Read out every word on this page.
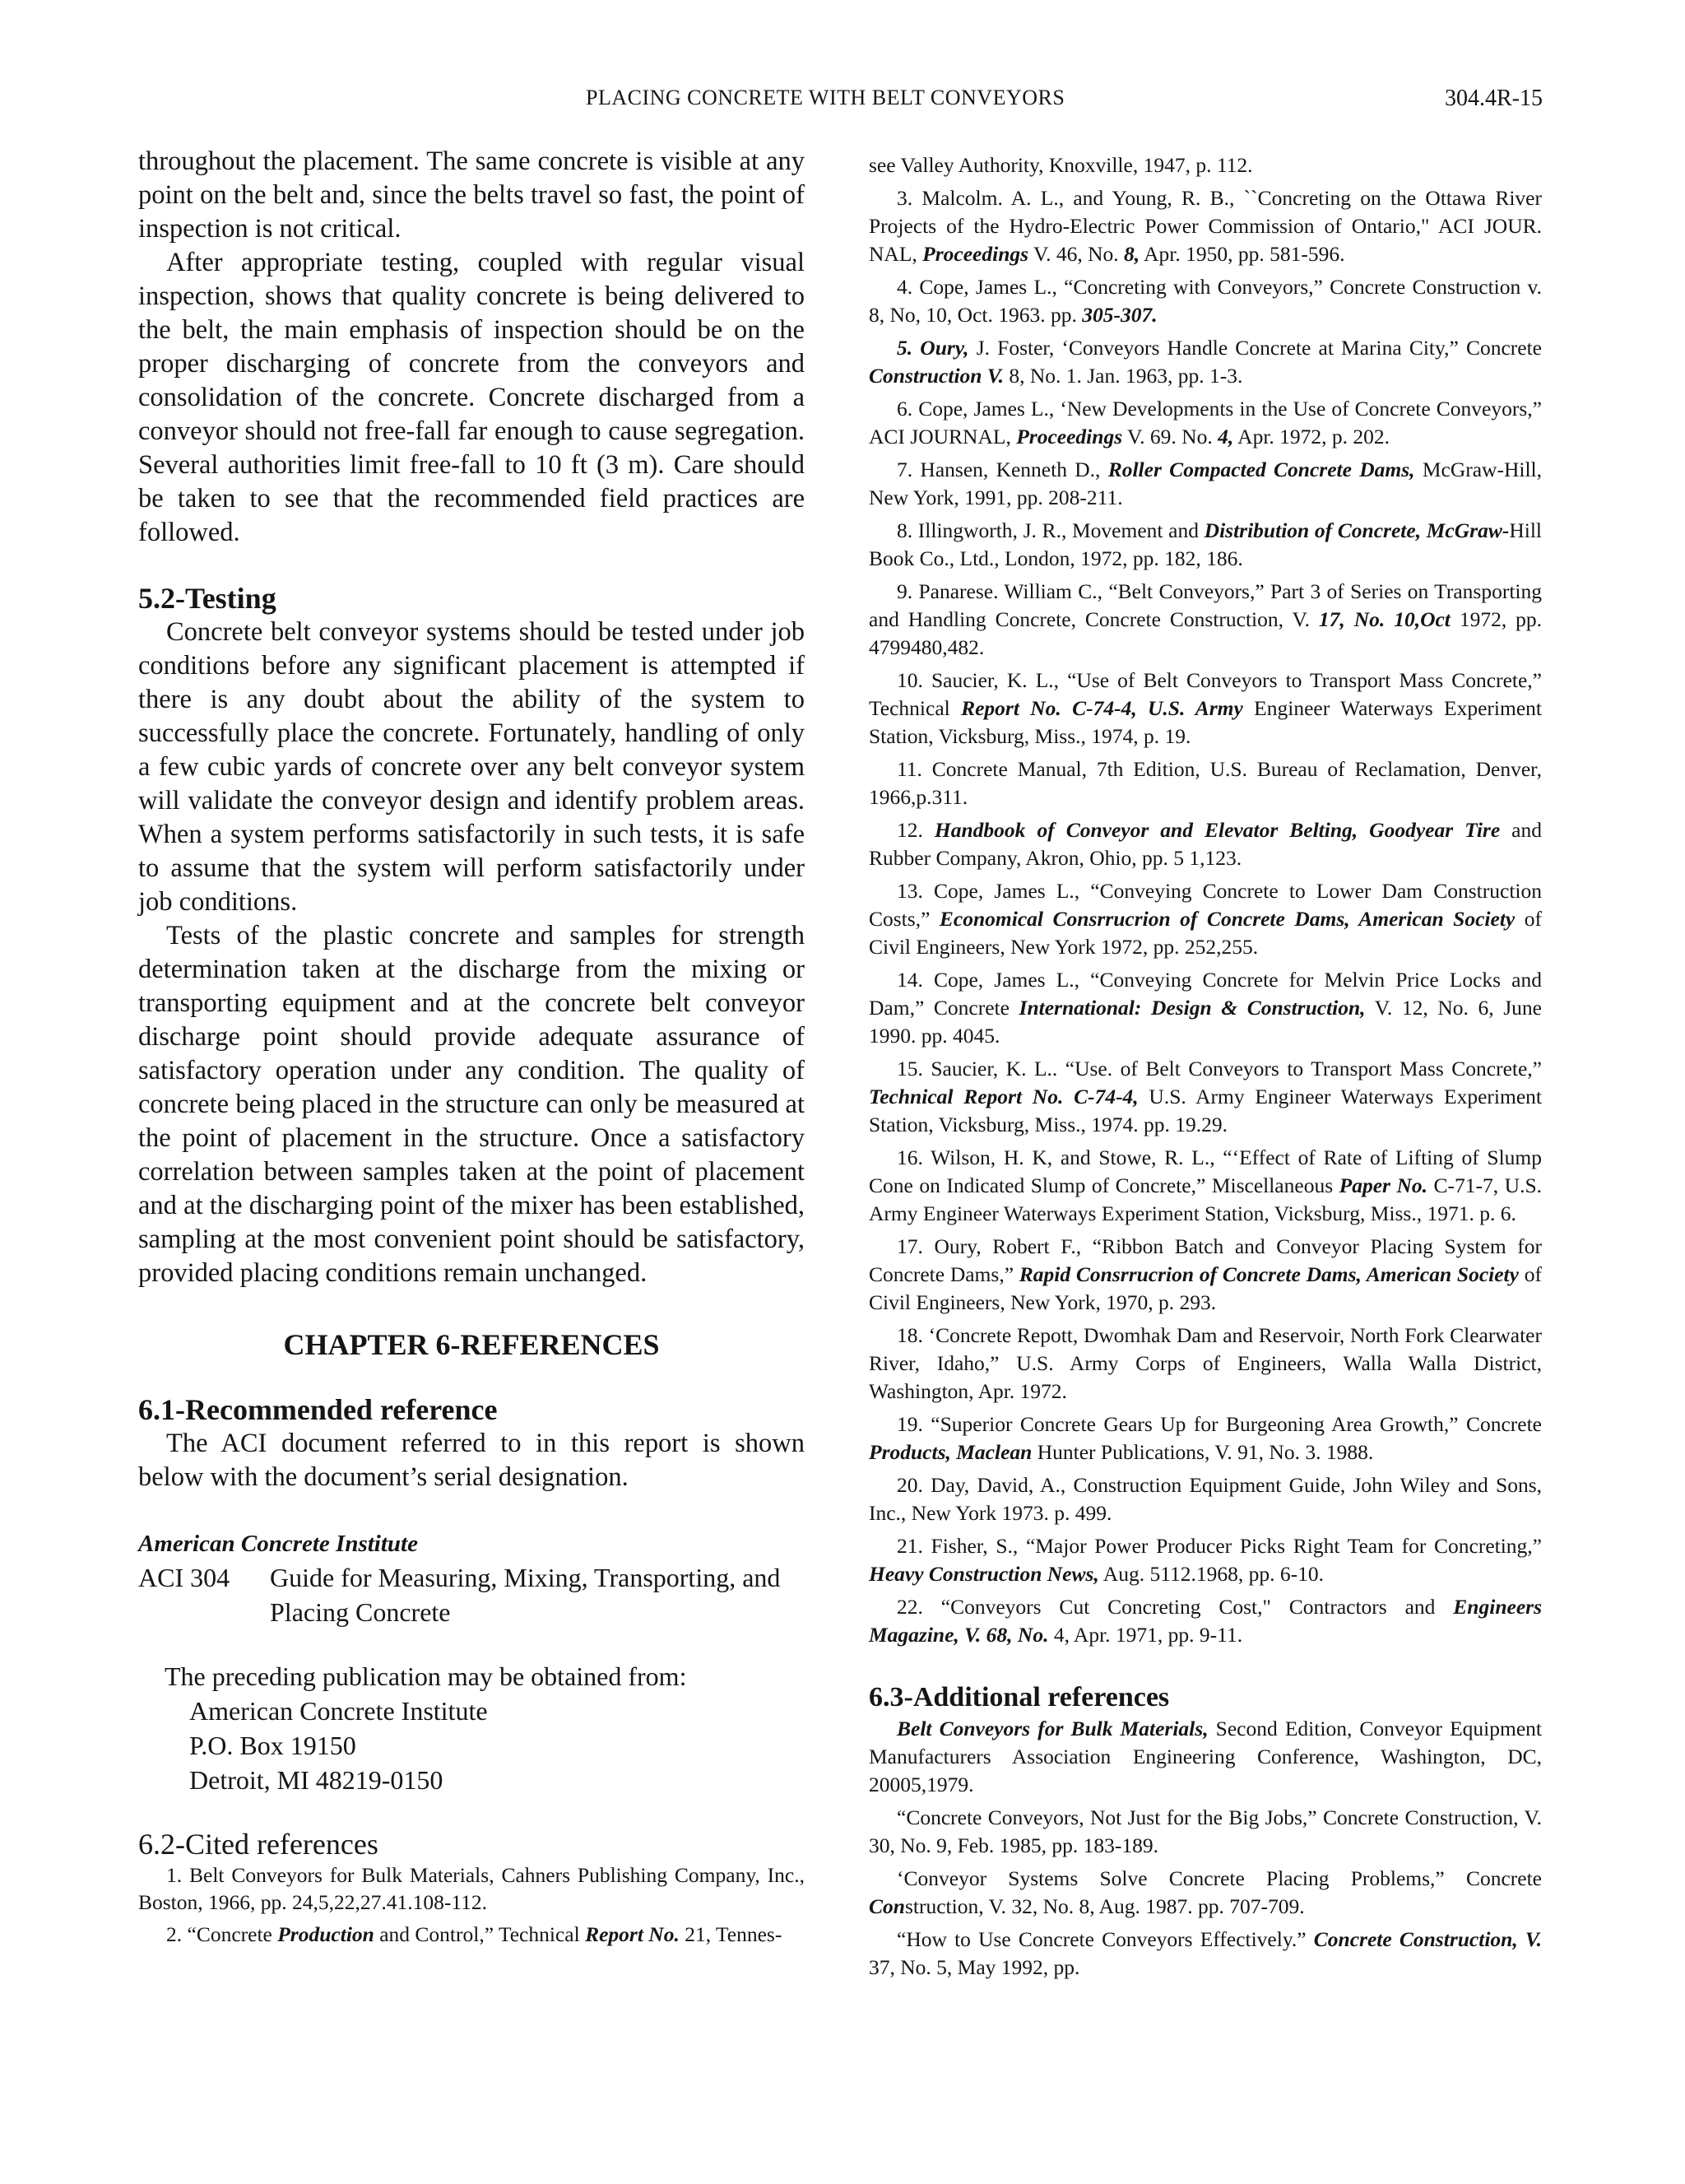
PLACING CONCRETE WITH BELT CONVEYORS	304.4R-15

throughout the placement. The same concrete is visible at any point on the belt and, since the belts travel so fast, the point of inspection is not critical.

After appropriate testing, coupled with regular visual inspection, shows that quality concrete is being delivered to the belt, the main emphasis of inspection should be on the proper discharging of concrete from the conveyors and consolidation of the concrete. Concrete discharged from a conveyor should not free-fall far enough to cause segregation. Several authorities limit free-fall to 10 ft (3 m). Care should be taken to see that the recommended field practices are followed.

5.2-Testing

Concrete belt conveyor systems should be tested under job conditions before any significant placement is attempted if there is any doubt about the ability of the system to successfully place the concrete. Fortunately, handling of only a few cubic yards of concrete over any belt conveyor system will validate the conveyor design and identify problem areas. When a system performs satisfactorily in such tests, it is safe to assume that the system will perform satisfactorily under job conditions.

Tests of the plastic concrete and samples for strength determination taken at the discharge from the mixing or transporting equipment and at the concrete belt conveyor discharge point should provide adequate assurance of satisfactory operation under any condition. The quality of concrete being placed in the structure can only be measured at the point of placement in the structure. Once a satisfactory correlation between samples taken at the point of placement and at the discharging point of the mixer has been established, sampling at the most convenient point should be satisfactory, provided placing conditions remain unchanged.

CHAPTER 6-REFERENCES
6.1-Recommended reference

The ACI document referred to in this report is shown below with the document’s serial designation.

American Concrete Institute
ACI 304	Guide for Measuring, Mixing, Transporting, and Placing Concrete
The preceding publication may be obtained from:
American Concrete Institute
P.O. Box 19150
Detroit, MI 48219-0150
6.2-Cited references

1. Belt Conveyors for Bulk Materials, Cahners Publishing Company, Inc., Boston, 1966, pp. 24,5,22,27.41.108-112.

2. “Concrete Production and Control,” Technical Report No. 21, Tennes-

see Valley Authority, Knoxville, 1947, p. 112.

3. Malcolm. A. L., and Young, R. B., ``Concreting on the Ottawa River Projects of the Hydro-Electric Power Commission of Ontario," ACI JOUR. NAL, Proceedings V. 46, No. 8, Apr. 1950, pp. 581-596.

4. Cope, James L., “Concreting with Conveyors,” Concrete Construction v. 8, No, 10, Oct. 1963. pp. 305-307.

5. Oury, J. Foster, ‘Conveyors Handle Concrete at Marina City,” Concrete Construction V. 8, No. 1. Jan. 1963, pp. 1-3.

6. Cope, James L., ‘New Developments in the Use of Concrete Conveyors,” ACI JOURNAL, Proceedings V. 69. No. 4, Apr. 1972, p. 202.

7. Hansen, Kenneth D., Roller Compacted Concrete Dams, McGraw-Hill, New York, 1991, pp. 208-211.

8. Illingworth, J. R., Movement and Distribution of Concrete, McGraw-Hill Book Co., Ltd., London, 1972, pp. 182, 186.

9. Panarese. William C., “Belt Conveyors,” Part 3 of Series on Transporting and Handling Concrete, Concrete Construction, V. 17, No. 10,Oct 1972, pp. 4799480,482.

10. Saucier, K. L., “Use of Belt Conveyors to Transport Mass Concrete,” Technical Report No. C-74-4, U.S. Army Engineer Waterways Experiment Station, Vicksburg, Miss., 1974, p. 19.

11. Concrete Manual, 7th Edition, U.S. Bureau of Reclamation, Denver, 1966,p.311.

12. Handbook of Conveyor and Elevator Belting, Goodyear Tire and Rubber Company, Akron, Ohio, pp. 5 1,123.

13. Cope, James L., “Conveying Concrete to Lower Dam Construction Costs,” Economical Consrrucrion of Concrete Dams, American Society of Civil Engineers, New York 1972, pp. 252,255.

14. Cope, James L., “Conveying Concrete for Melvin Price Locks and Dam,” Concrete International: Design & Construction, V. 12, No. 6, June 1990. pp. 4045.

15. Saucier, K. L.. “Use. of Belt Conveyors to Transport Mass Concrete,” Technical Report No. C-74-4, U.S. Army Engineer Waterways Experiment Station, Vicksburg, Miss., 1974. pp. 19.29.

16. Wilson, H. K, and Stowe, R. L., “‘Effect of Rate of Lifting of Slump Cone on Indicated Slump of Concrete,” Miscellaneous Paper No. C-71-7, U.S. Army Engineer Waterways Experiment Station, Vicksburg, Miss., 1971. p. 6.

17. Oury, Robert F., “Ribbon Batch and Conveyor Placing System for Concrete Dams,” Rapid Consrrucrion of Concrete Dams, American Society of Civil Engineers, New York, 1970, p. 293.

18. ‘Concrete Repott, Dwomhak Dam and Reservoir, North Fork Clearwater River, Idaho,” U.S. Army Corps of Engineers, Walla Walla District, Washington, Apr. 1972.

19. “Superior Concrete Gears Up for Burgeoning Area Growth,” Concrete Products, Maclean Hunter Publications, V. 91, No. 3. 1988.

20. Day, David, A., Construction Equipment Guide, John Wiley and Sons, Inc., New York 1973. p. 499.

21. Fisher, S., “Major Power Producer Picks Right Team for Concreting,” Heavy Construction News, Aug. 5112.1968, pp. 6-10.

22. “Conveyors Cut Concreting Cost," Contractors and Engineers Magazine, V. 68, No. 4, Apr. 1971, pp. 9-11.

6.3-Additional references

Belt Conveyors for Bulk Materials, Second Edition, Conveyor Equipment Manufacturers Association Engineering Conference, Washington, DC, 20005,1979.

“Concrete Conveyors, Not Just for the Big Jobs,” Concrete Construction, V. 30, No. 9, Feb. 1985, pp. 183-189.

‘Conveyor Systems Solve Concrete Placing Problems,” Concrete Construction, V. 32, No. 8, Aug. 1987. pp. 707-709.

“How to Use Concrete Conveyors Effectively.” Concrete Construction, V. 37, No. 5, May 1992, pp.
